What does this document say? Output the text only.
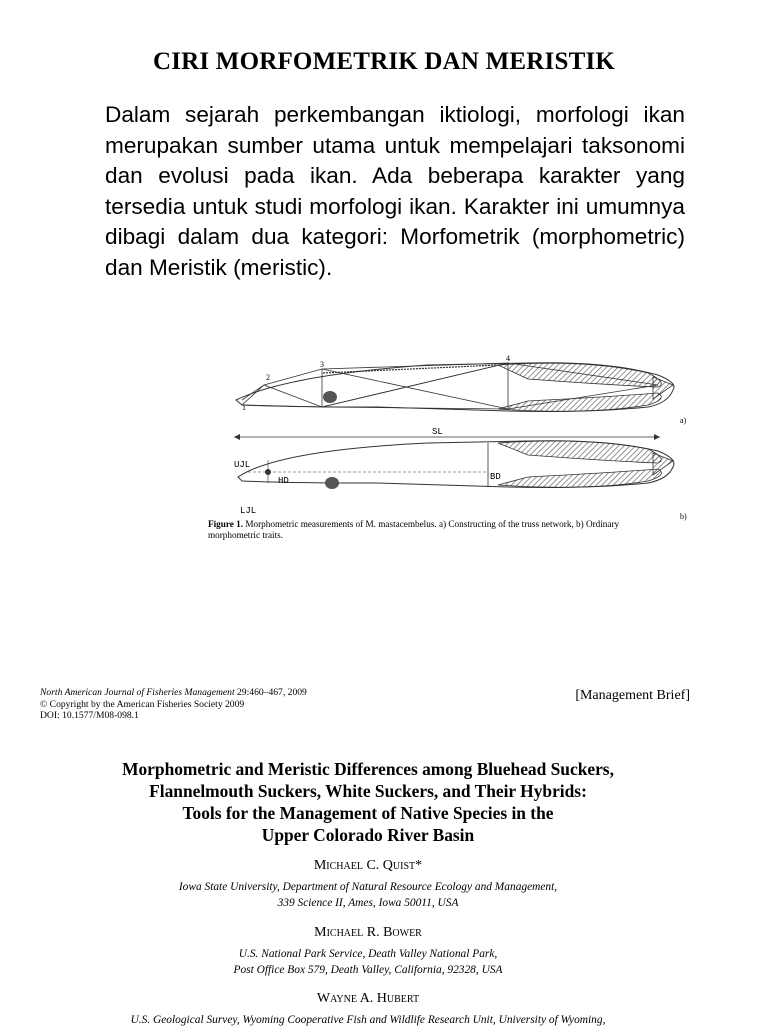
CIRI MORFOMETRIK DAN MERISTIK

Dalam sejarah perkembangan iktiologi, morfologi ikan merupakan sumber utama untuk mempelajari taksonomi dan evolusi pada ikan. Ada beberapa karakter yang tersedia untuk studi morfologi ikan. Karakter ini umumnya dibagi dalam dua kategori: Morfometrik (morphometric) dan Meristik (meristic).

1
2
3
4
a)
SL
UJL
LJL
HD	BD
b)
Figure 1. Morphometric measurements of M. mastacembelus. a) Constructing of the truss network, b) Ordinary morphometric traits.
North American Journal of Fisheries Management 29:460–467, 2009
© Copyright by the American Fisheries Society 2009
DOI: 10.1577/M08-098.1
[Management Brief]
Morphometric and Meristic Differences among Bluehead Suckers,
Flannelmouth Suckers, White Suckers, and Their Hybrids:
Tools for the Management of Native Species in the
Upper Colorado River Basin
Michael C. Quist*
Iowa State University, Department of Natural Resource Ecology and Management,
339 Science II, Ames, Iowa 50011, USA
Michael R. Bower
U.S. National Park Service, Death Valley National Park,
Post Office Box 579, Death Valley, California, 92328, USA
Wayne A. Hubert
U.S. Geological Survey, Wyoming Cooperative Fish and Wildlife Research Unit, University of Wyoming,
